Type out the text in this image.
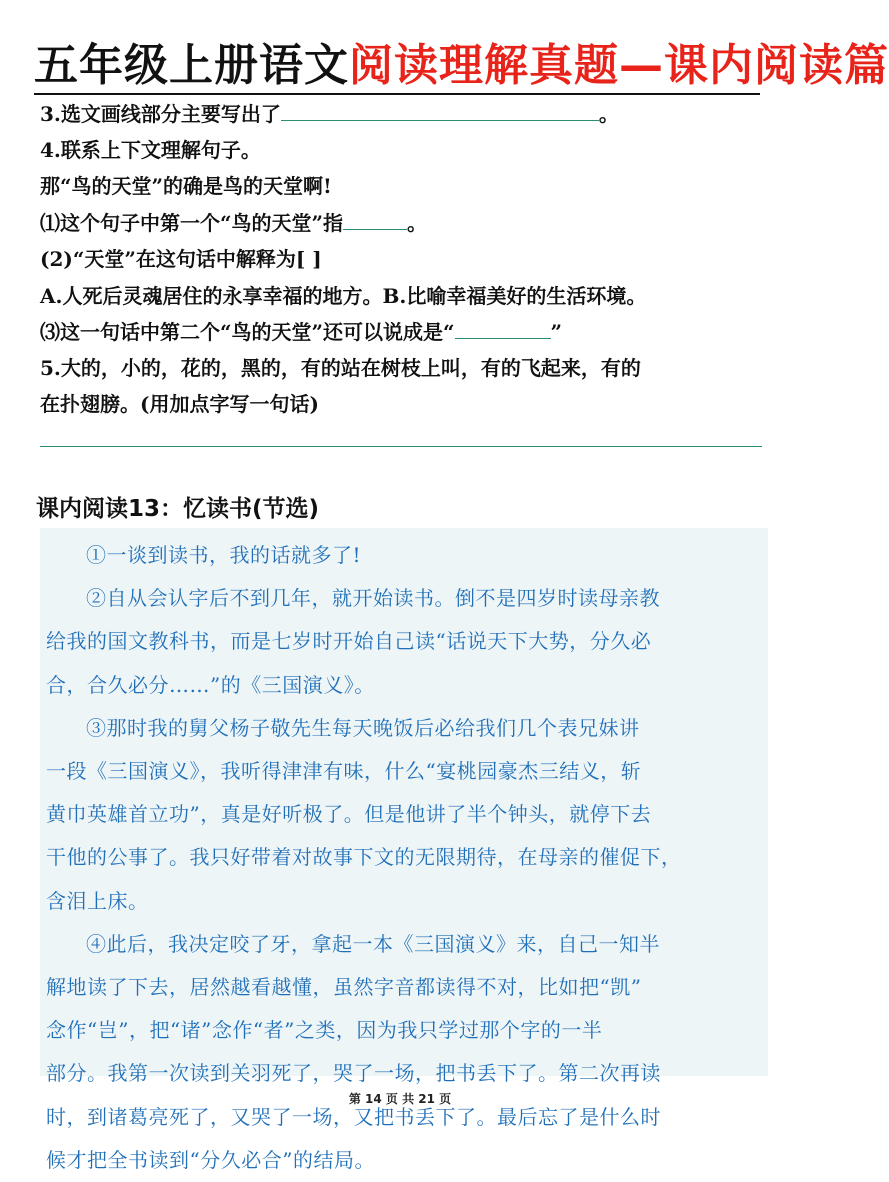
五年级上册语文阅读理解真题—课内阅读篇
3.选文画线部分主要写出了	。
4.联系上下文理解句子。
那“鸟的天堂”的确是鸟的天堂啊!
⑴这个句子中第一个“鸟的天堂”指	。
(2)“天堂”在这句话中解释为[ ]
A.人死后灵魂居住的永享幸福的地方。B.比喻幸福美好的生活环境。
⑶这一句话中第二个“鸟的天堂”还可以说成是“	”
5.大的，小的，花的，黑的，有的站在树枝上叫，有的飞起来，有的
在扑翅膀。(用加点字写一句话)
课内阅读13：忆读书(节选)
①一谈到读书，我的话就多了!
②自从会认字后不到几年，就开始读书。倒不是四岁时读母亲教
给我的国文教科书，而是七岁时开始自己读“话说天下大势，分久必
合，合久必分……”的《三国演义》。
③那时我的舅父杨子敬先生每天晚饭后必给我们几个表兄妹讲
一段《三国演义》，我听得津津有味，什么“宴桃园豪杰三结义，斩
黄巾英雄首立功”，真是好听极了。但是他讲了半个钟头，就停下去
干他的公事了。我只好带着对故事下文的无限期待，在母亲的催促下，
含泪上床。
④此后，我决定咬了牙，拿起一本《三国演义》来，自己一知半
解地读了下去，居然越看越懂，虽然字音都读得不对，比如把“凯”
念作“岂”，把“诸”念作“者”之类，因为我只学过那个字的一半
部分。我第一次读到关羽死了，哭了一场，把书丢下了。第二次再读
时，到诸葛亮死了，又哭了一场，又把书丢下了。最后忘了是什么时
候才把全书读到“分久必合”的结局。
第 14 页 共 21 页
